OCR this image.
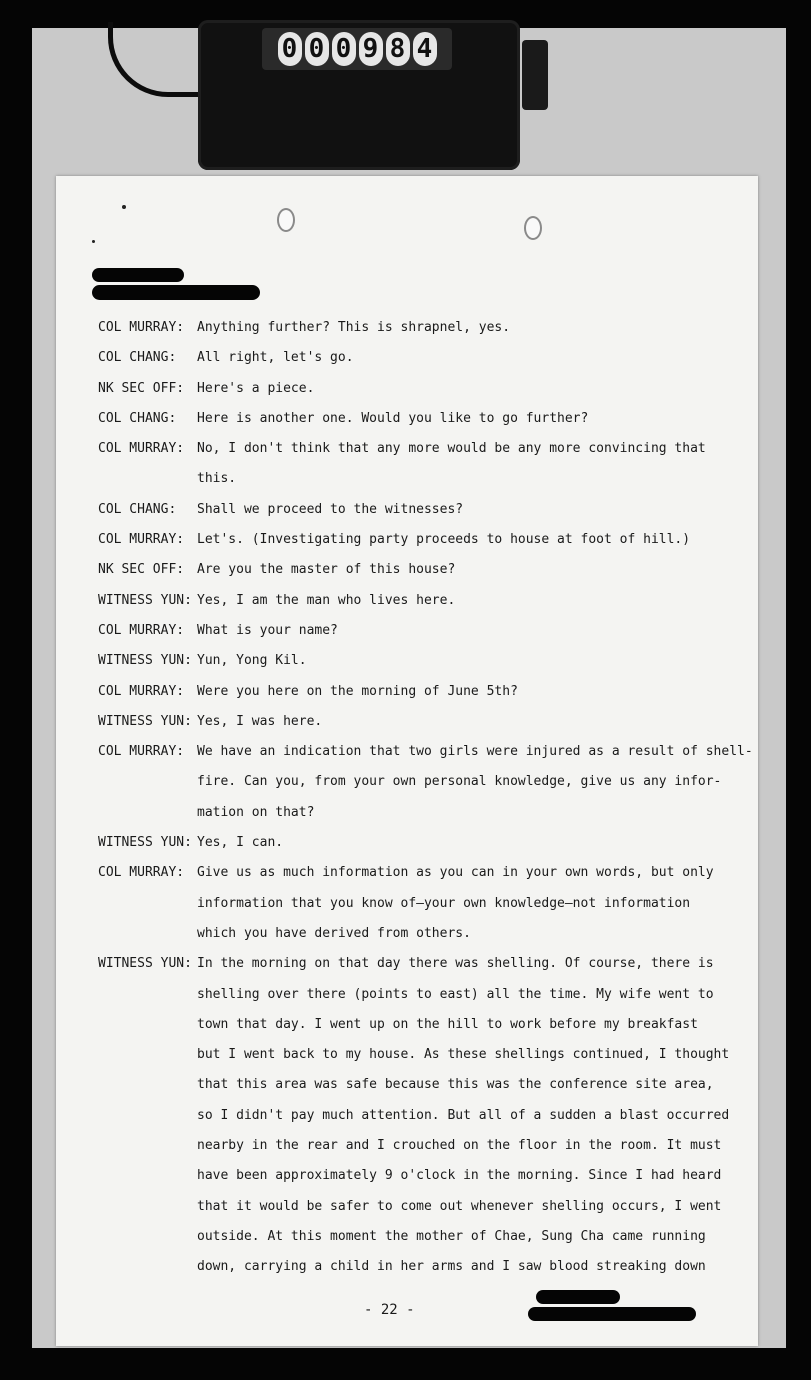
0 0 0 9 8 4
COL MURRAY: Anything further? This is shrapnel, yes.
COL CHANG: All right, let's go.
NK SEC OFF: Here's a piece.
COL CHANG: Here is another one. Would you like to go further?
COL MURRAY: No, I don't think that any more would be any more convincing that
this.
COL CHANG: Shall we proceed to the witnesses?
COL MURRAY: Let's. (Investigating party proceeds to house at foot of hill.)
NK SEC OFF: Are you the master of this house?
WITNESS YUN: Yes, I am the man who lives here.
COL MURRAY: What is your name?
WITNESS YUN: Yun, Yong Kil.
COL MURRAY: Were you here on the morning of June 5th?
WITNESS YUN: Yes, I was here.
COL MURRAY: We have an indication that two girls were injured as a result of shell-
fire. Can you, from your own personal knowledge, give us any infor-
mation on that?
WITNESS YUN: Yes, I can.
COL MURRAY: Give us as much information as you can in your own words, but only
information that you know of—your own knowledge—not information
which you have derived from others.
WITNESS YUN: In the morning on that day there was shelling. Of course, there is
shelling over there (points to east) all the time. My wife went to
town that day. I went up on the hill to work before my breakfast
but I went back to my house. As these shellings continued, I thought
that this area was safe because this was the conference site area,
so I didn't pay much attention. But all of a sudden a blast occurred
nearby in the rear and I crouched on the floor in the room. It must
have been approximately 9 o'clock in the morning. Since I had heard
that it would be safer to come out whenever shelling occurs, I went
outside. At this moment the mother of Chae, Sung Cha came running
down, carrying a child in her arms and I saw blood streaking down
- 22 -
